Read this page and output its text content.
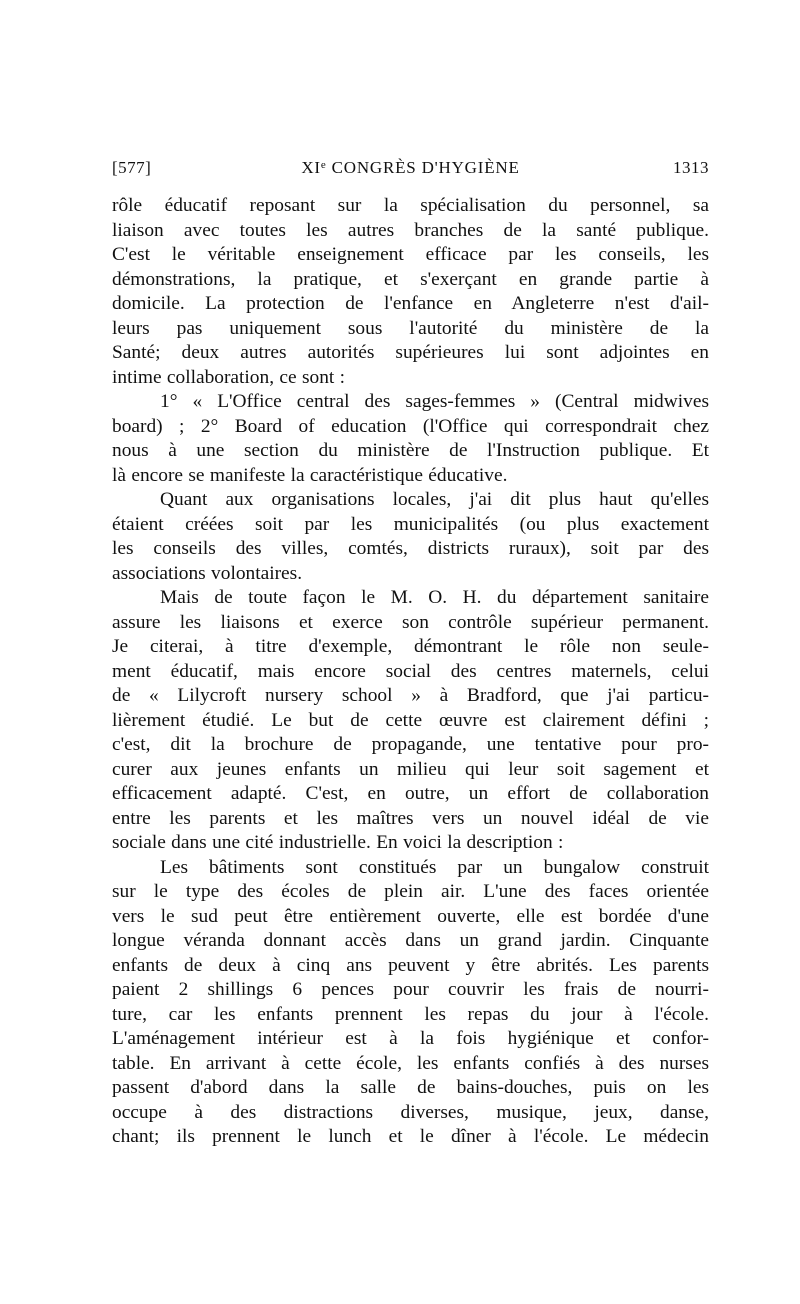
[577]	XIe CONGRÈS D'HYGIÈNE	1313
rôle éducatif reposant sur la spécialisation du personnel, sa
liaison avec toutes les autres branches de la santé publique.
C'est le véritable enseignement efficace par les conseils, les
démonstrations, la pratique, et s'exerçant en grande partie à
domicile. La protection de l'enfance en Angleterre n'est d'ail-
leurs pas uniquement sous l'autorité du ministère de la
Santé; deux autres autorités supérieures lui sont adjointes en
intime collaboration, ce sont :
1° « L'Office central des sages-femmes » (Central midwives
board) ; 2° Board of education (l'Office qui correspondrait chez
nous à une section du ministère de l'Instruction publique. Et
là encore se manifeste la caractéristique éducative.
Quant aux organisations locales, j'ai dit plus haut qu'elles
étaient créées soit par les municipalités (ou plus exactement
les conseils des villes, comtés, districts ruraux), soit par des
associations volontaires.
Mais de toute façon le M. O. H. du département sanitaire
assure les liaisons et exerce son contrôle supérieur permanent.
Je citerai, à titre d'exemple, démontrant le rôle non seule-
ment éducatif, mais encore social des centres maternels, celui
de « Lilycroft nursery school » à Bradford, que j'ai particu-
lièrement étudié. Le but de cette œuvre est clairement défini ;
c'est, dit la brochure de propagande, une tentative pour pro-
curer aux jeunes enfants un milieu qui leur soit sagement et
efficacement adapté. C'est, en outre, un effort de collaboration
entre les parents et les maîtres vers un nouvel idéal de vie
sociale dans une cité industrielle. En voici la description :
Les bâtiments sont constitués par un bungalow construit
sur le type des écoles de plein air. L'une des faces orientée
vers le sud peut être entièrement ouverte, elle est bordée d'une
longue véranda donnant accès dans un grand jardin. Cinquante
enfants de deux à cinq ans peuvent y être abrités. Les parents
paient 2 shillings 6 pences pour couvrir les frais de nourri-
ture, car les enfants prennent les repas du jour à l'école.
L'aménagement intérieur est à la fois hygiénique et confor-
table. En arrivant à cette école, les enfants confiés à des nurses
passent d'abord dans la salle de bains-douches, puis on les
occupe à des distractions diverses, musique, jeux, danse,
chant; ils prennent le lunch et le dîner à l'école. Le médecin
